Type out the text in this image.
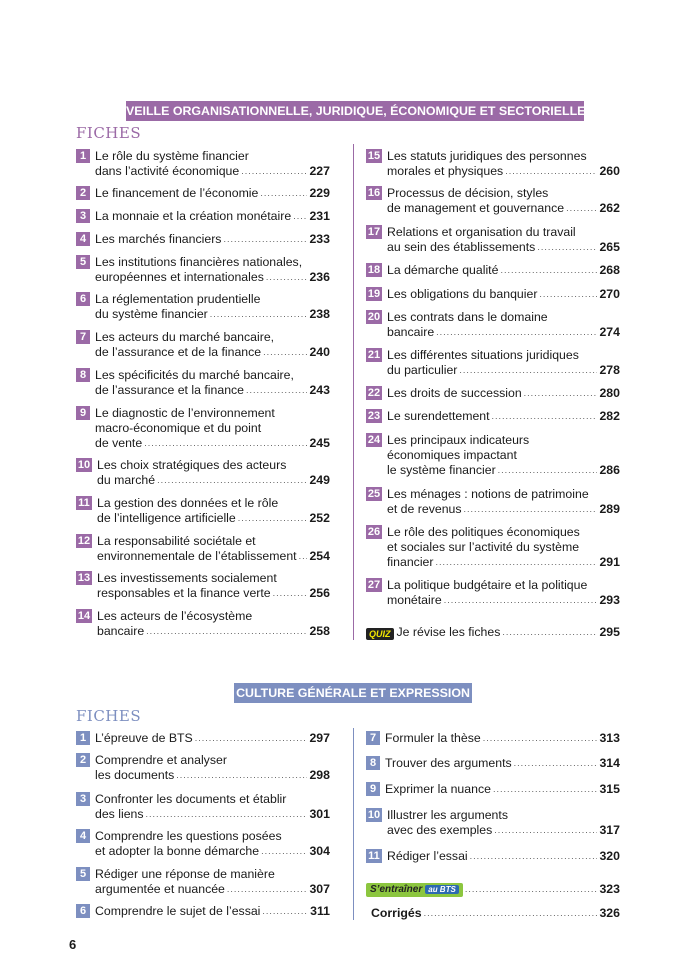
VEILLE ORGANISATIONNELLE, JURIDIQUE, ÉCONOMIQUE ET SECTORIELLE
FICHES
1 Le rôle du système financier
dans l’activité économique .....	227
2 Le financement de l’économie .....	229
3 La monnaie et la création monétaire ..... 231
4 Les marchés financiers .....	233
5 Les institutions financières nationales,
européennes et internationales .....	236
6 La réglementation prudentielle
du système financier .....	238
7 Les acteurs du marché bancaire,
de l’assurance et de la finance .....	240
8 Les spécificités du marché bancaire,
de l’assurance et la finance .....	243
9 Le diagnostic de l’environnement
macro-économique et du point
de vente .....	245
10 Les choix stratégiques des acteurs
du marché .....	249
11 La gestion des données et le rôle
de l’intelligence artificielle .....	252
12 La responsabilité sociétale et
environnementale de l’établissement ..... 254
13 Les investissements socialement
responsables et la finance verte .....	256
14 Les acteurs de l’écosystème
bancaire .....	258
15 Les statuts juridiques des personnes
morales et physiques .....	260
16 Processus de décision, styles
de management et gouvernance .....	262
17 Relations et organisation du travail
au sein des établissements .....	265
18 La démarche qualité .....	268
19 Les obligations du banquier .....	270
20 Les contrats dans le domaine
bancaire .....	274
21 Les différentes situations juridiques
du particulier .....	278
22 Les droits de succession .....	280
23 Le surendettement .....	282
24 Les principaux indicateurs
économiques impactant
le système financier .....	286
25 Les ménages : notions de patrimoine
et de revenus .....	289
26 Le rôle des politiques économiques
et sociales sur l’activité du système
financier .....	291
27 La politique budgétaire et la politique
monétaire .....	293
QUIZ Je révise les fiches .....	295
CULTURE GÉNÉRALE ET EXPRESSION
FICHES
1 L’épreuve de BTS .....	297
2 Comprendre et analyser
les documents .....	298
3 Confronter les documents et établir
des liens .....	301
4 Comprendre les questions posées
et adopter la bonne démarche .....	304
5 Rédiger une réponse de manière
argumentée et nuancée .....	307
6 Comprendre le sujet de l’essai .....	311
7 Formuler la thèse .....	313
8 Trouver des arguments .....	314
9 Exprimer la nuance .....	315
10 Illustrer les arguments
avec des exemples .....	317
11 Rédiger l’essai .....	320
S’entraîner au BTS .....	323
Corrigés .....	326
6
